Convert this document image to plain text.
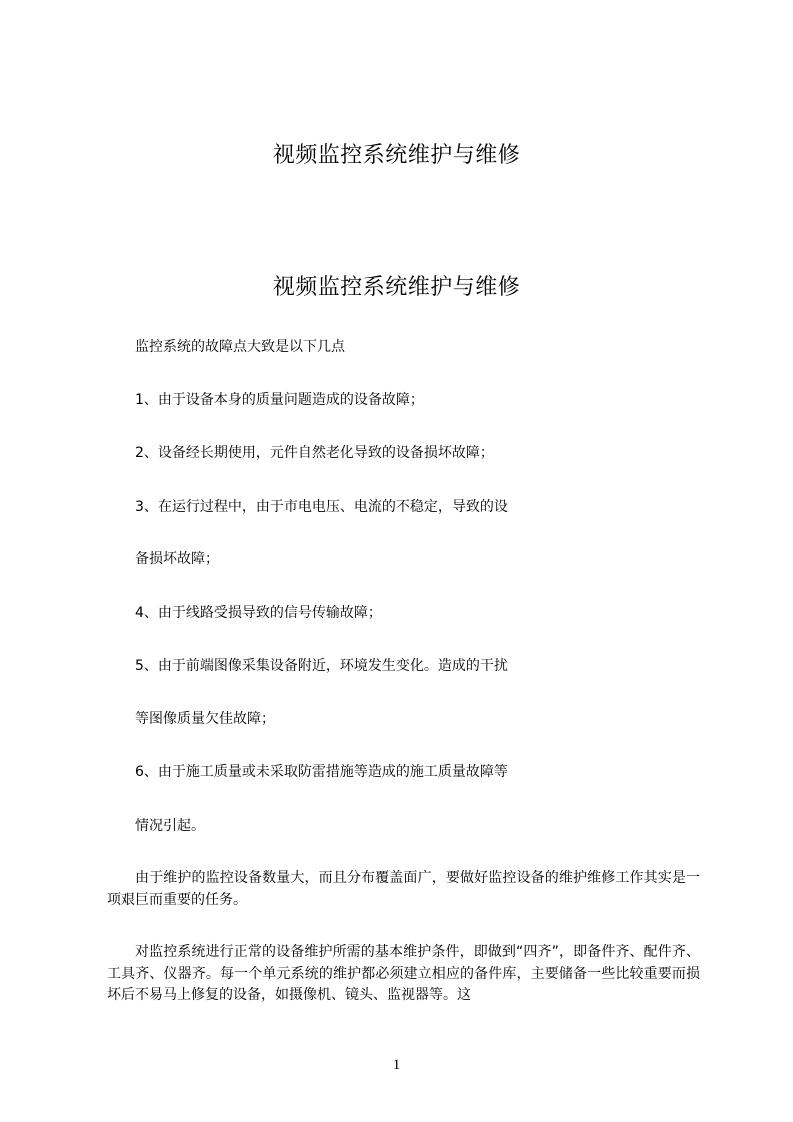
视频监控系统维护与维修
视频监控系统维护与维修

监控系统的故障点大致是以下几点

1、由于设备本身的质量问题造成的设备故障；

2、设备经长期使用，元件自然老化导致的设备损坏故障；

3、在运行过程中，由于市电电压、电流的不稳定，导致的设

备损坏故障；

4、由于线路受损导致的信号传输故障；

5、由于前端图像采集设备附近，环境发生变化。造成的干扰

等图像质量欠佳故障；

6、由于施工质量或未采取防雷措施等造成的施工质量故障等

情况引起。

由于维护的监控设备数量大，而且分布覆盖面广，要做好监控设备的维护维修工作其实是一项艰巨而重要的任务。

对监控系统进行正常的设备维护所需的基本维护条件，即做到“四齐”，即备件齐、配件齐、工具齐、仪器齐。每一个单元系统的维护都必须建立相应的备件库，主要储备一些比较重要而损坏后不易马上修复的设备，如摄像机、镜头、监视器等。这

1
